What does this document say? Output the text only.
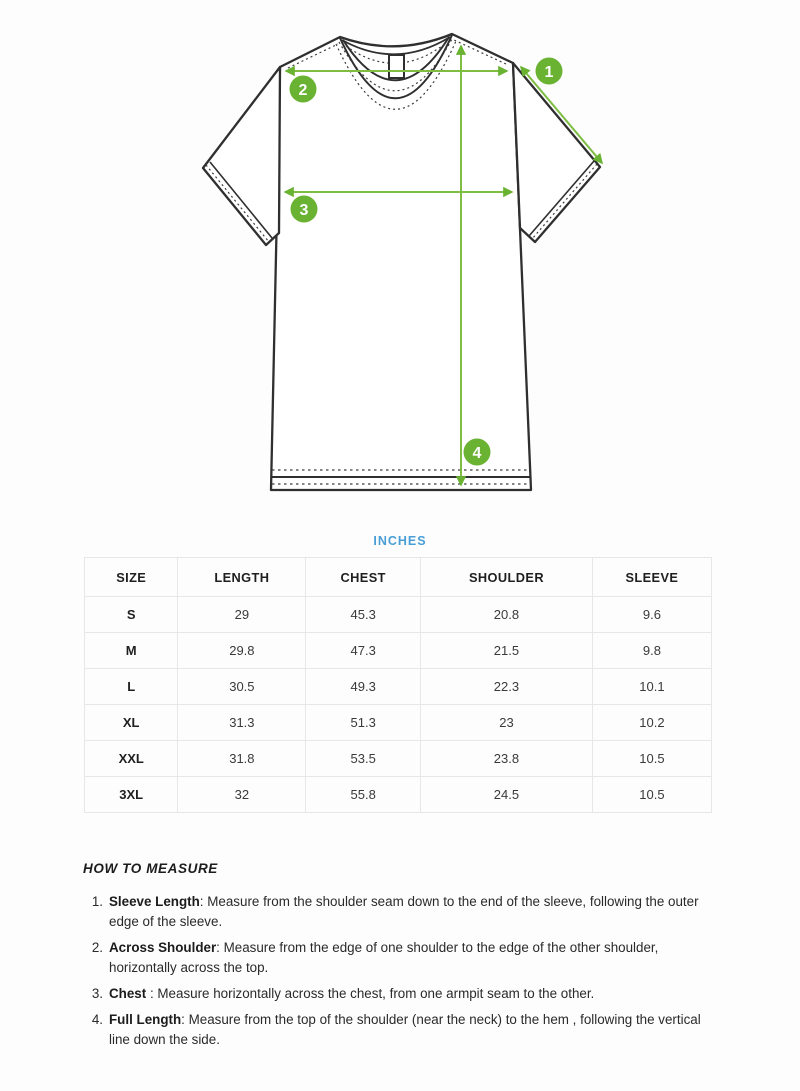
1
2
3
4
INCHES
SIZE	LENGTH	CHEST	SHOULDER	SLEEVE
S	29	45.3	20.8	9.6
M	29.8	47.3	21.5	9.8
L	30.5	49.3	22.3	10.1
XL	31.3	51.3	23	10.2
XXL	31.8	53.5	23.8	10.5
3XL	32	55.8	24.5	10.5
HOW TO MEASURE
1. Sleeve Length: Measure from the shoulder seam down to the end of the sleeve, following the outer edge of the sleeve.
2. Across Shoulder: Measure from the edge of one shoulder to the edge of the other shoulder, horizontally across the top.
3. Chest : Measure horizontally across the chest, from one armpit seam to the other.
4. Full Length: Measure from the top of the shoulder (near the neck) to the hem , following the vertical line down the side.
